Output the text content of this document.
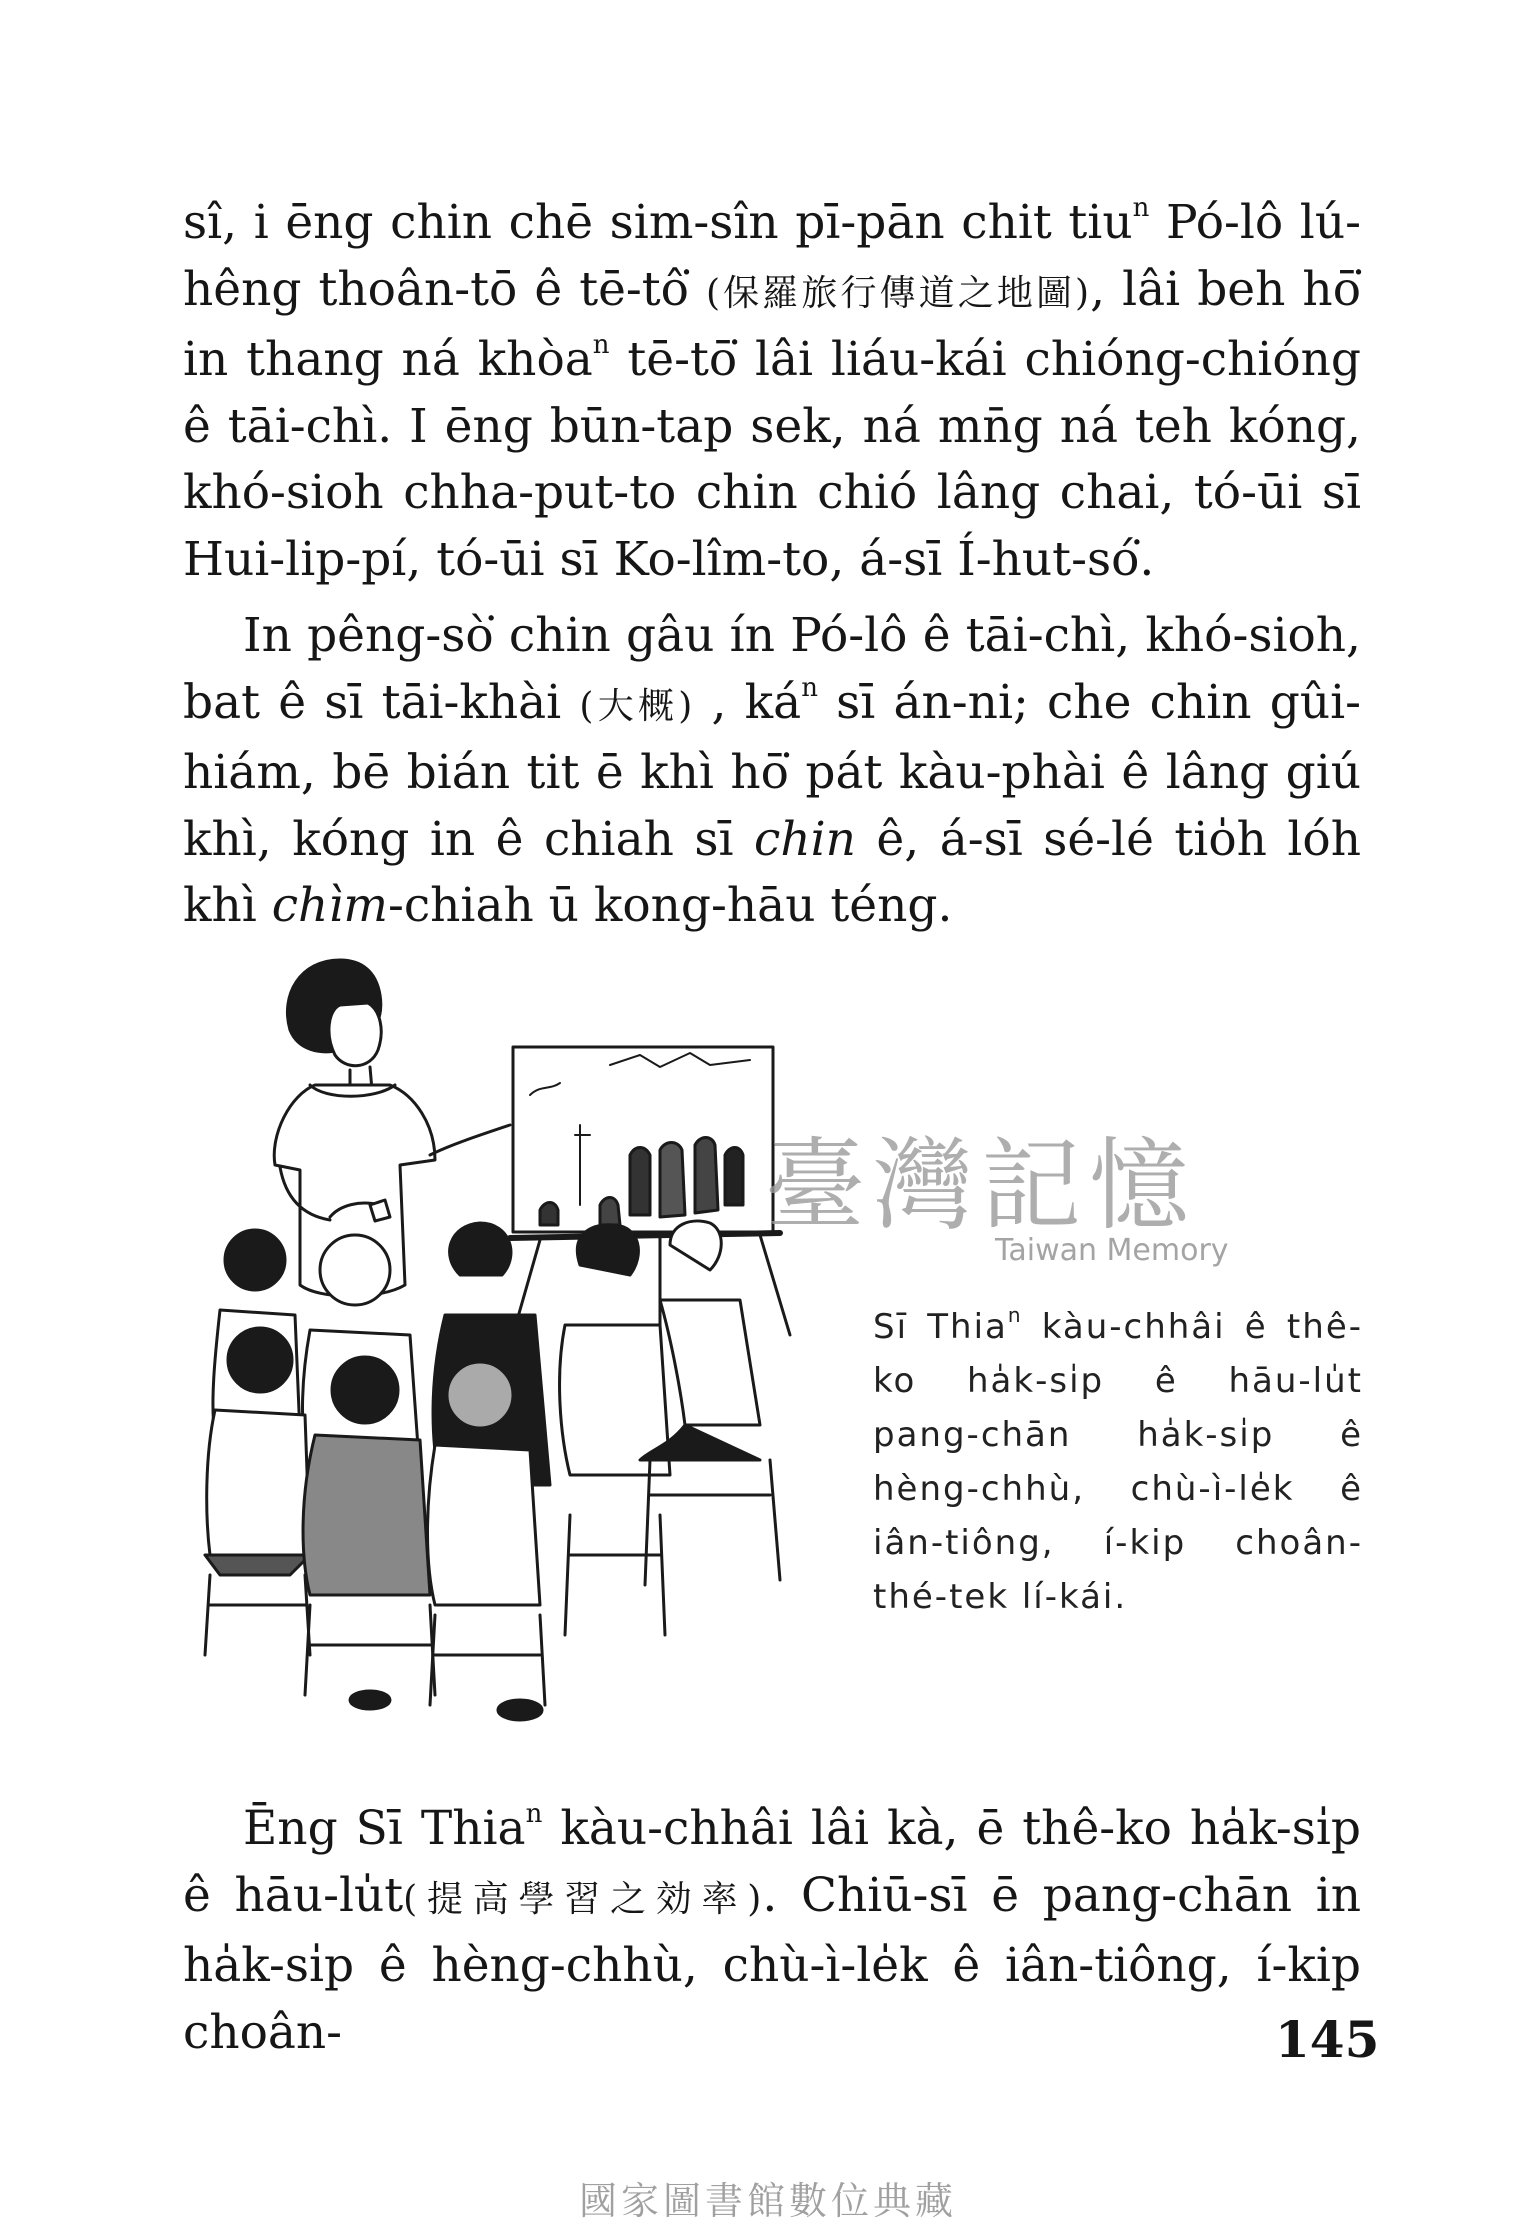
sî, i ēng chin chē sim-sîn pī-pān chit tiu$^n$ Pó-lô lú-hêng thoân-tō ê tē-tô͘ (保羅旅行傳道之地圖), lâi beh hō͘ in thang ná khòa$^n$ tē-tō͘ lâi liáu-kái chióng-chióng ê tāi-chì. I ēng būn-tap sek, ná mn̄g ná teh kóng, khó-sioh chha-put-to chin chió lâng chai, tó-ūi sī Hui-lip-pí, tó-ūi sī Ko-lîm-to, á-sī Í-hut-só͘.

In pêng-sò͘ chin gâu ín Pó-lô ê tāi-chì, khó-sioh, bat ê sī tāi-khài (大概) , $ká^n$ sī án-ni; che chin gûi-hiám, bē bián tit ē khì hō͘ pát kàu-phài ê lâng giú khì, kóng in ê chiah sī chin ê, á-sī sé-lé tio̍h lóh khì chìm-chiah ū kong-hāu téng.

臺灣記憶
Taiwan Memory

Sī Thia$^n$ kàu-chhâi ê thê-ko ha̍k-si̍p ê hāu-lu̍t pang-chān ha̍k-si̍p ê hèng-chhù, chù-ì-le̍k ê iân-tiông, í-kip choân-thé-tek lí-kái.

Ēng Sī Thia$^n$ kàu-chhâi lâi kà, ē thê-ko ha̍k-si̍p ê hāu-lu̍t(提高學習之効率). Chiū-sī ē pang-chān in ha̍k-si̍p ê hèng-chhù, chù-ì-le̍k ê iân-tiông, í-kip choân-	145

國家圖書館數位典藏
